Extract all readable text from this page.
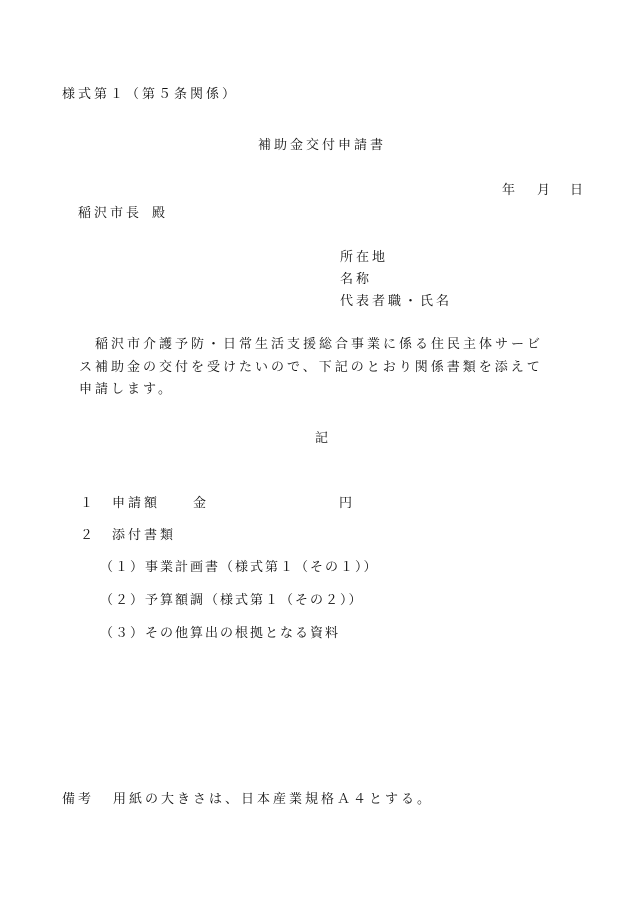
様式第１（第５条関係）
補助金交付申請書
年 月 日
稲沢市長 殿
所在地
名称
代表者職・氏名
稲沢市介護予防・日常生活支援総合事業に係る住民主体サービ
ス補助金の交付を受けたいので、下記のとおり関係書類を添えて
申請します。
記
１ 申請額	金	円
２ 添付書類
（１）事業計画書（様式第１（その１））
（２）予算額調（様式第１（その２））
（３）その他算出の根拠となる資料
備考 用紙の大きさは、日本産業規格Ａ４とする。
